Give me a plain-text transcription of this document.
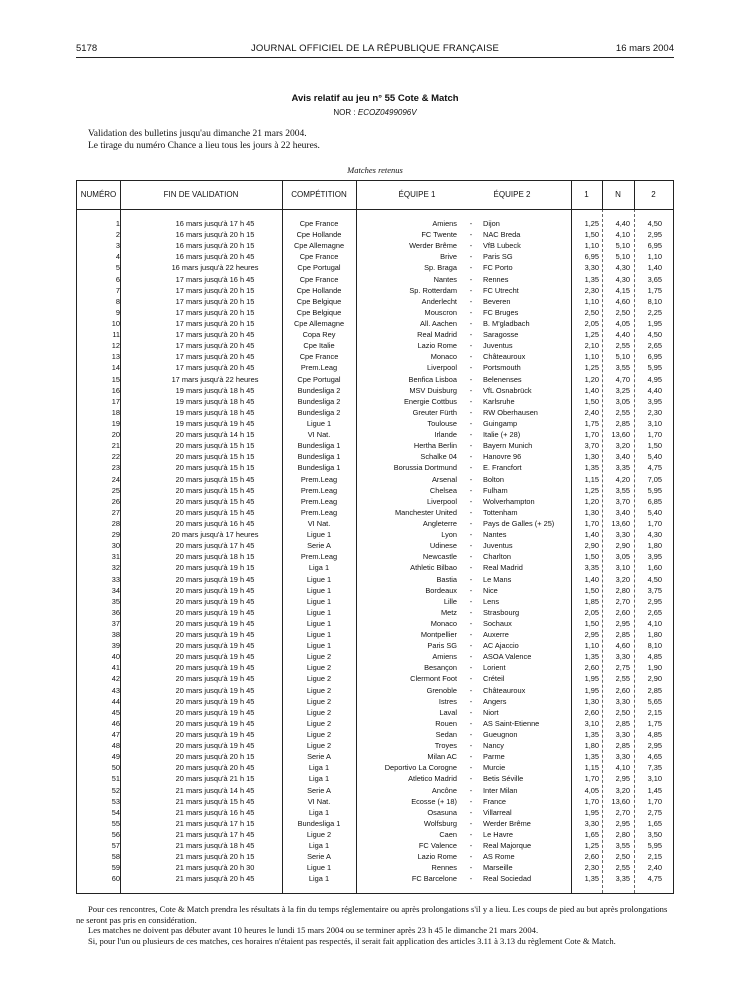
5178	JOURNAL OFFICIEL DE LA RÉPUBLIQUE FRANÇAISE	16 mars 2004
Avis relatif au jeu n° 55 Cote & Match
NOR : ECOZ0499096V
Validation des bulletins jusqu'au dimanche 21 mars 2004.
Le tirage du numéro Chance a lieu tous les jours à 22 heures.
Matches retenus
NUMÉRO	FIN DE VALIDATION	COMPÉTITION	ÉQUIPE 1	ÉQUIPE 2	1	N	2
1	16 mars jusqu'à 17 h 45	Cpe France	Amiens	-	Dijon	1,25	4,40	4,50
2	16 mars jusqu'à 20 h 15	Cpe Hollande	FC Twente	-	NAC Breda	1,50	4,10	2,95
3	16 mars jusqu'à 20 h 15	Cpe Allemagne	Werder Brême	-	VfB Lubeck	1,10	5,10	6,95
4	16 mars jusqu'à 20 h 45	Cpe France	Brive	-	Paris SG	6,95	5,10	1,10
5	16 mars jusqu'à 22 heures	Cpe Portugal	Sp. Braga	-	FC Porto	3,30	4,30	1,40
6	17 mars jusqu'à 16 h 45	Cpe France	Nantes	-	Rennes	1,35	4,30	3,65
7	17 mars jusqu'à 20 h 15	Cpe Hollande	Sp. Rotterdam	-	FC Utrecht	2,30	4,15	1,75
8	17 mars jusqu'à 20 h 15	Cpe Belgique	Anderlecht	-	Beveren	1,10	4,60	8,10
9	17 mars jusqu'à 20 h 15	Cpe Belgique	Mouscron	-	FC Bruges	2,50	2,50	2,25
10	17 mars jusqu'à 20 h 15	Cpe Allemagne	All. Aachen	-	B. M'gladbach	2,05	4,05	1,95
11	17 mars jusqu'à 20 h 45	Copa Rey	Real Madrid	-	Saragosse	1,25	4,40	4,50
12	17 mars jusqu'à 20 h 45	Cpe Italie	Lazio Rome	-	Juventus	2,10	2,55	2,65
13	17 mars jusqu'à 20 h 45	Cpe France	Monaco	-	Châteauroux	1,10	5,10	6,95
14	17 mars jusqu'à 20 h 45	Prem.Leag	Liverpool	-	Portsmouth	1,25	3,55	5,95
15	17 mars jusqu'à 22 heures	Cpe Portugal	Benfica Lisboa	-	Belenenses	1,20	4,70	4,95
16	19 mars jusqu'à 18 h 45	Bundesliga 2	MSV Duisburg	-	VfL Osnabrück	1,40	3,25	4,40
17	19 mars jusqu'à 18 h 45	Bundesliga 2	Energie Cottbus	-	Karlsruhe	1,50	3,05	3,95
18	19 mars jusqu'à 18 h 45	Bundesliga 2	Greuter Fürth	-	RW Oberhausen	2,40	2,55	2,30
19	19 mars jusqu'à 19 h 45	Ligue 1	Toulouse	-	Guingamp	1,75	2,85	3,10
20	20 mars jusqu'à 14 h 15	VI Nat.	Irlande	-	Italie (+ 28)	1,70	13,60	1,70
21	20 mars jusqu'à 15 h 15	Bundesliga 1	Hertha Berlin	-	Bayern Munich	3,70	3,20	1,50
22	20 mars jusqu'à 15 h 15	Bundesliga 1	Schalke 04	-	Hanovre 96	1,30	3,40	5,40
23	20 mars jusqu'à 15 h 15	Bundesliga 1	Borussia Dortmund	-	E. Francfort	1,35	3,35	4,75
24	20 mars jusqu'à 15 h 45	Prem.Leag	Arsenal	-	Bolton	1,15	4,20	7,05
25	20 mars jusqu'à 15 h 45	Prem.Leag	Chelsea	-	Fulham	1,25	3,55	5,95
26	20 mars jusqu'à 15 h 45	Prem.Leag	Liverpool	-	Wolverhampton	1,20	3,70	6,85
27	20 mars jusqu'à 15 h 45	Prem.Leag	Manchester United	-	Tottenham	1,30	3,40	5,40
28	20 mars jusqu'à 16 h 45	VI Nat.	Angleterre	-	Pays de Galles (+ 25)	1,70	13,60	1,70
29	20 mars jusqu'à 17 heures	Ligue 1	Lyon	-	Nantes	1,40	3,30	4,30
30	20 mars jusqu'à 17 h 45	Serie A	Udinese	-	Juventus	2,90	2,90	1,80
31	20 mars jusqu'à 18 h 15	Prem.Leag	Newcastle	-	Charlton	1,50	3,05	3,95
32	20 mars jusqu'à 19 h 15	Liga 1	Athletic Bilbao	-	Real Madrid	3,35	3,10	1,60
33	20 mars jusqu'à 19 h 45	Ligue 1	Bastia	-	Le Mans	1,40	3,20	4,50
34	20 mars jusqu'à 19 h 45	Ligue 1	Bordeaux	-	Nice	1,50	2,80	3,75
35	20 mars jusqu'à 19 h 45	Ligue 1	Lille	-	Lens	1,85	2,70	2,95
36	20 mars jusqu'à 19 h 45	Ligue 1	Metz	-	Strasbourg	2,05	2,60	2,65
37	20 mars jusqu'à 19 h 45	Ligue 1	Monaco	-	Sochaux	1,50	2,95	4,10
38	20 mars jusqu'à 19 h 45	Ligue 1	Montpellier	-	Auxerre	2,95	2,85	1,80
39	20 mars jusqu'à 19 h 45	Ligue 1	Paris SG	-	AC Ajaccio	1,10	4,60	8,10
40	20 mars jusqu'à 19 h 45	Ligue 2	Amiens	-	ASOA Valence	1,35	3,30	4,85
41	20 mars jusqu'à 19 h 45	Ligue 2	Besançon	-	Lorient	2,60	2,75	1,90
42	20 mars jusqu'à 19 h 45	Ligue 2	Clermont Foot	-	Créteil	1,95	2,55	2,90
43	20 mars jusqu'à 19 h 45	Ligue 2	Grenoble	-	Châteauroux	1,95	2,60	2,85
44	20 mars jusqu'à 19 h 45	Ligue 2	Istres	-	Angers	1,30	3,30	5,65
45	20 mars jusqu'à 19 h 45	Ligue 2	Laval	-	Niort	2,60	2,50	2,15
46	20 mars jusqu'à 19 h 45	Ligue 2	Rouen	-	AS Saint-Etienne	3,10	2,85	1,75
47	20 mars jusqu'à 19 h 45	Ligue 2	Sedan	-	Gueugnon	1,35	3,30	4,85
48	20 mars jusqu'à 19 h 45	Ligue 2	Troyes	-	Nancy	1,80	2,85	2,95
49	20 mars jusqu'à 20 h 15	Serie A	Milan AC	-	Parme	1,35	3,30	4,65
50	20 mars jusqu'à 20 h 45	Liga 1	Deportivo La Corogne	-	Murcie	1,15	4,10	7,35
51	20 mars jusqu'à 21 h 15	Liga 1	Atletico Madrid	-	Betis Séville	1,70	2,95	3,10
52	21 mars jusqu'à 14 h 45	Serie A	Ancône	-	Inter Milan	4,05	3,20	1,45
53	21 mars jusqu'à 15 h 45	VI Nat.	Ecosse (+ 18)	-	France	1,70	13,60	1,70
54	21 mars jusqu'à 16 h 45	Liga 1	Osasuna	-	Villarreal	1,95	2,70	2,75
55	21 mars jusqu'à 17 h 15	Bundesliga 1	Wolfsburg	-	Werder Brême	3,30	2,95	1,65
56	21 mars jusqu'à 17 h 45	Ligue 2	Caen	-	Le Havre	1,65	2,80	3,50
57	21 mars jusqu'à 18 h 45	Liga 1	FC Valence	-	Real Majorque	1,25	3,55	5,95
58	21 mars jusqu'à 20 h 15	Serie A	Lazio Rome	-	AS Rome	2,60	2,50	2,15
59	21 mars jusqu'à 20 h 30	Ligue 1	Rennes	-	Marseille	2,30	2,55	2,40
60	21 mars jusqu'à 20 h 45	Liga 1	FC Barcelone	-	Real Sociedad	1,35	3,35	4,75

Pour ces rencontres, Cote & Match prendra les résultats à la fin du temps réglementaire ou après prolongations s'il y a lieu. Les coups de pied au but après prolongations ne seront pas pris en considération.

Les matches ne doivent pas débuter avant 10 heures le lundi 15 mars 2004 ou se terminer après 23 h 45 le dimanche 21 mars 2004.

Si, pour l'un ou plusieurs de ces matches, ces horaires n'étaient pas respectés, il serait fait application des articles 3.11 à 3.13 du règlement Cote & Match.
